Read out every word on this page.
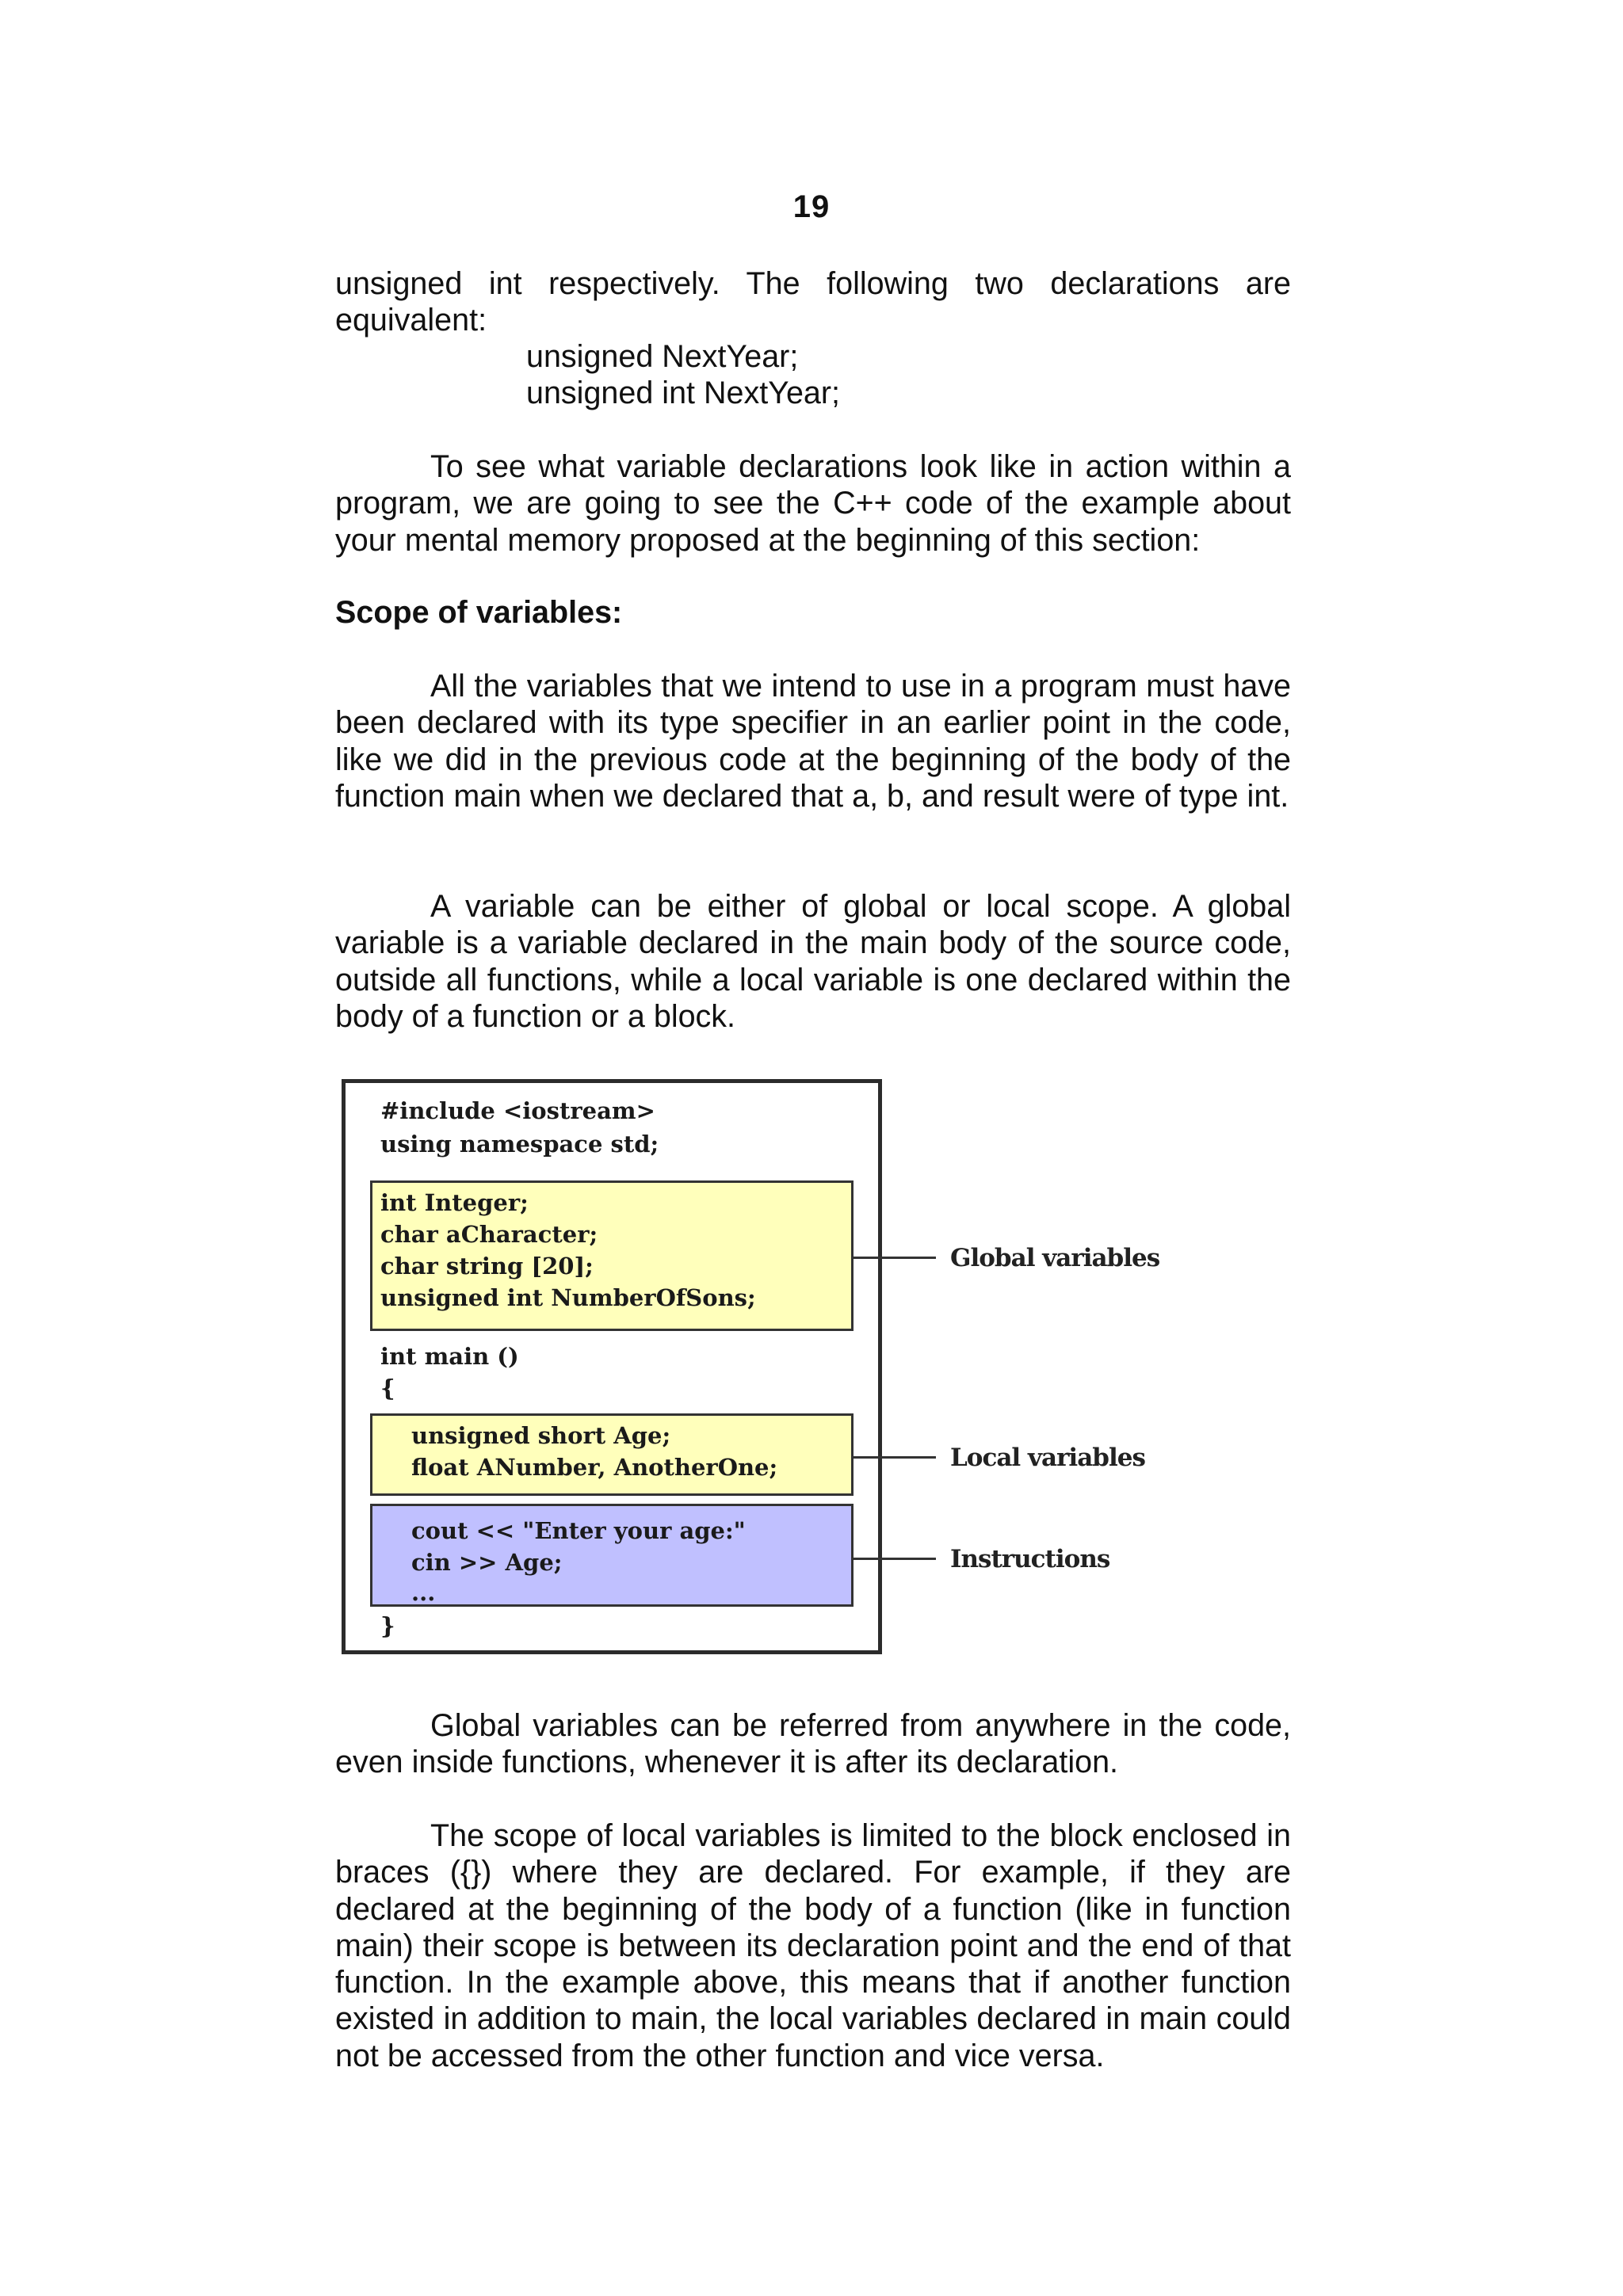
19

unsigned int respectively. The following two declarations are equivalent:

unsigned NextYear;
unsigned int NextYear;

To see what variable declarations look like in action within a program, we are going to see the C++ code of the example about your mental memory proposed at the beginning of this section:

Scope of variables:

All the variables that we intend to use in a program must have been declared with its type specifier in an earlier point in the code, like we did in the previous code at the beginning of the body of the function main when we declared that a, b, and result were of type int.

A variable can be either of global or local scope. A global variable is a variable declared in the main body of the source code, outside all functions, while a local variable is one declared within the body of a function or a block.

#include <iostream>
using namespace std;
int Integer;
char aCharacter;
char string [20];
unsigned int NumberOfSons;
int main ()
{
unsigned short Age;
float ANumber, AnotherOne;
cout << "Enter your age:"
cin >> Age;
...
}
Global variables
Local variables
Instructions

Global variables can be referred from anywhere in the code, even inside functions, whenever it is after its declaration.

The scope of local variables is limited to the block enclosed in braces ({}) where they are declared. For example, if they are declared at the beginning of the body of a function (like in function main) their scope is between its declaration point and the end of that function. In the example above, this means that if another function existed in addition to main, the local variables declared in main could not be accessed from the other function and vice versa.
